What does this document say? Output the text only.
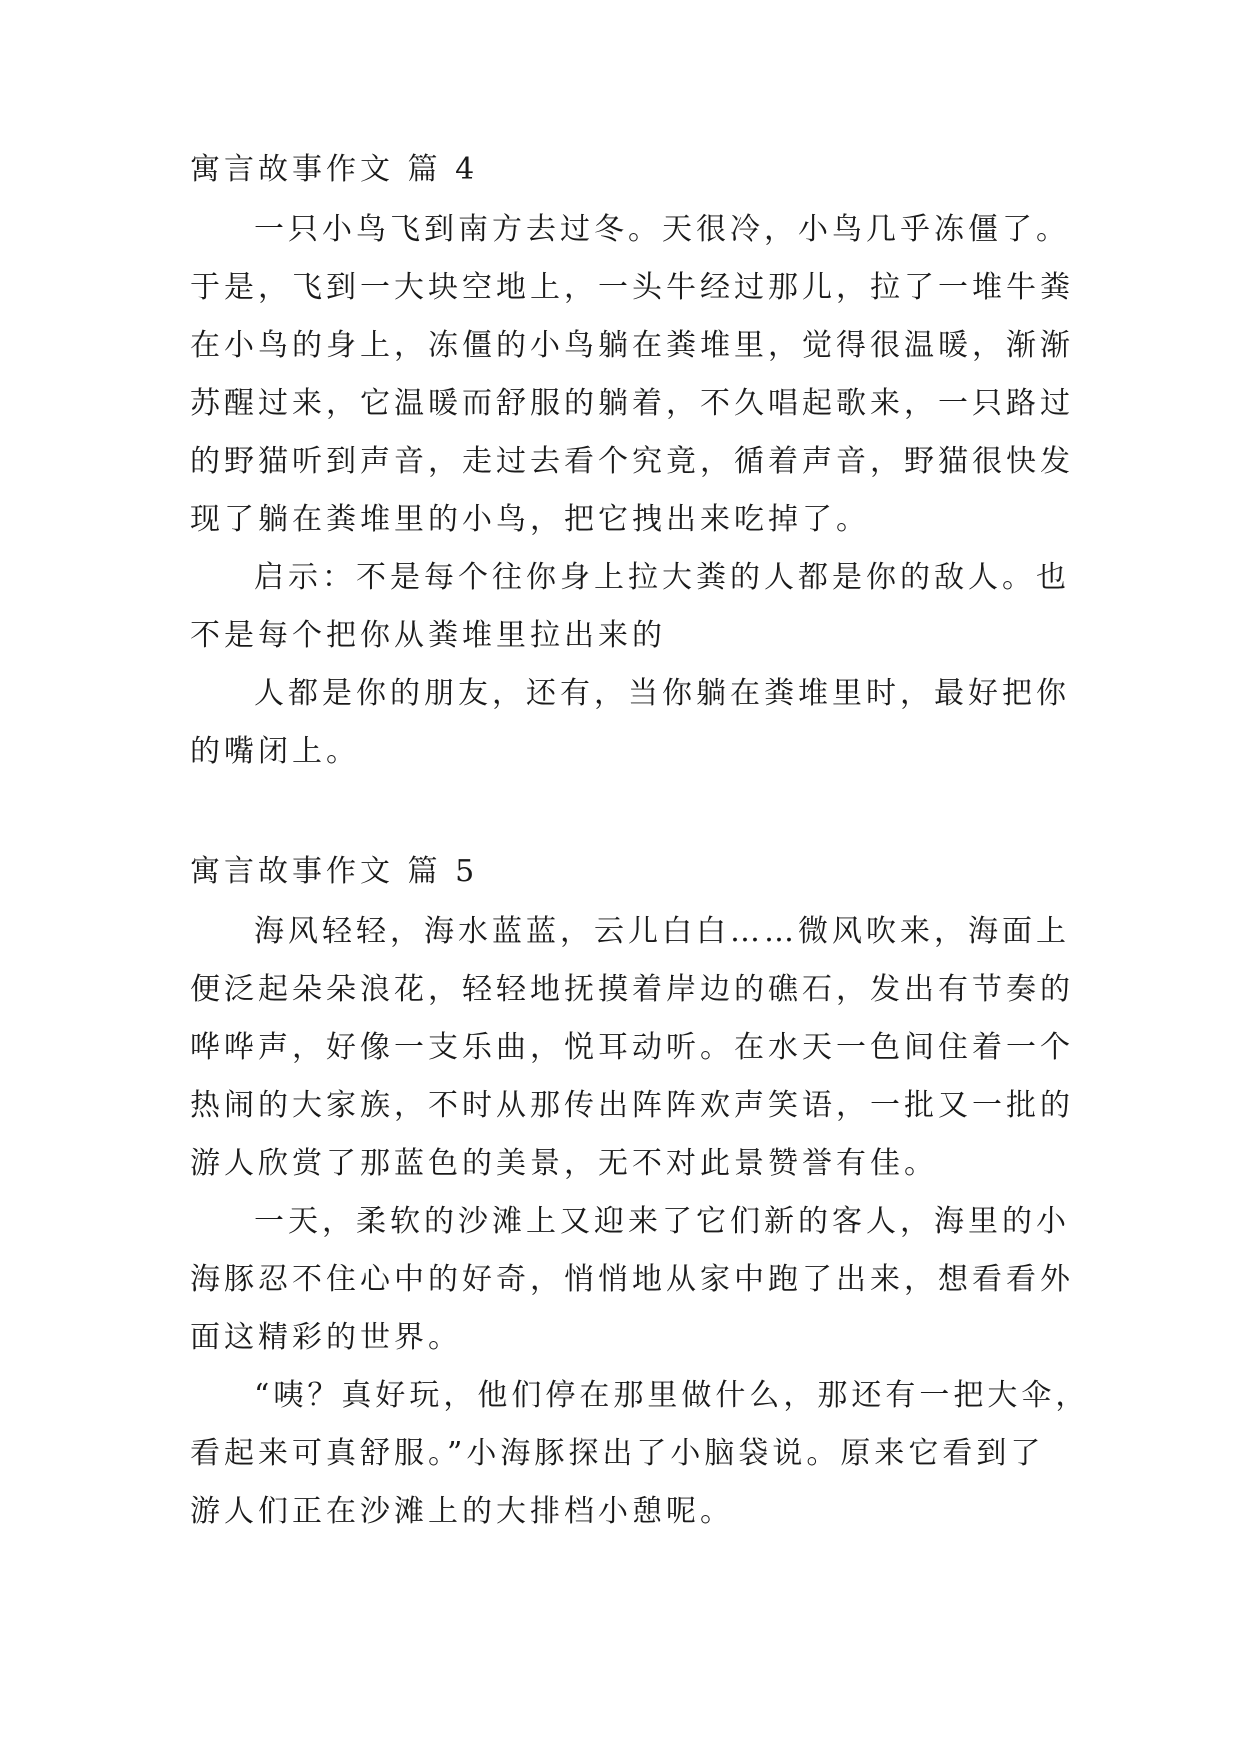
寓言故事作文 篇 4
一只小鸟飞到南方去过冬。天很冷，小鸟几乎冻僵了。
于是，飞到一大块空地上，一头牛经过那儿，拉了一堆牛粪
在小鸟的身上，冻僵的小鸟躺在粪堆里，觉得很温暖，渐渐
苏醒过来，它温暖而舒服的躺着，不久唱起歌来，一只路过
的野猫听到声音，走过去看个究竟，循着声音，野猫很快发
现了躺在粪堆里的小鸟，把它拽出来吃掉了。
启示：不是每个往你身上拉大粪的人都是你的敌人。也
不是每个把你从粪堆里拉出来的
人都是你的朋友，还有，当你躺在粪堆里时，最好把你
的嘴闭上。
寓言故事作文 篇 5
海风轻轻，海水蓝蓝，云儿白白……微风吹来，海面上
便泛起朵朵浪花，轻轻地抚摸着岸边的礁石，发出有节奏的
哗哗声，好像一支乐曲，悦耳动听。在水天一色间住着一个
热闹的大家族，不时从那传出阵阵欢声笑语，一批又一批的
游人欣赏了那蓝色的美景，无不对此景赞誉有佳。
一天，柔软的沙滩上又迎来了它们新的客人，海里的小
海豚忍不住心中的好奇，悄悄地从家中跑了出来，想看看外
面这精彩的世界。
“咦？真好玩，他们停在那里做什么，那还有一把大伞，
看起来可真舒服。”小海豚探出了小脑袋说。原来它看到了
游人们正在沙滩上的大排档小憩呢。
